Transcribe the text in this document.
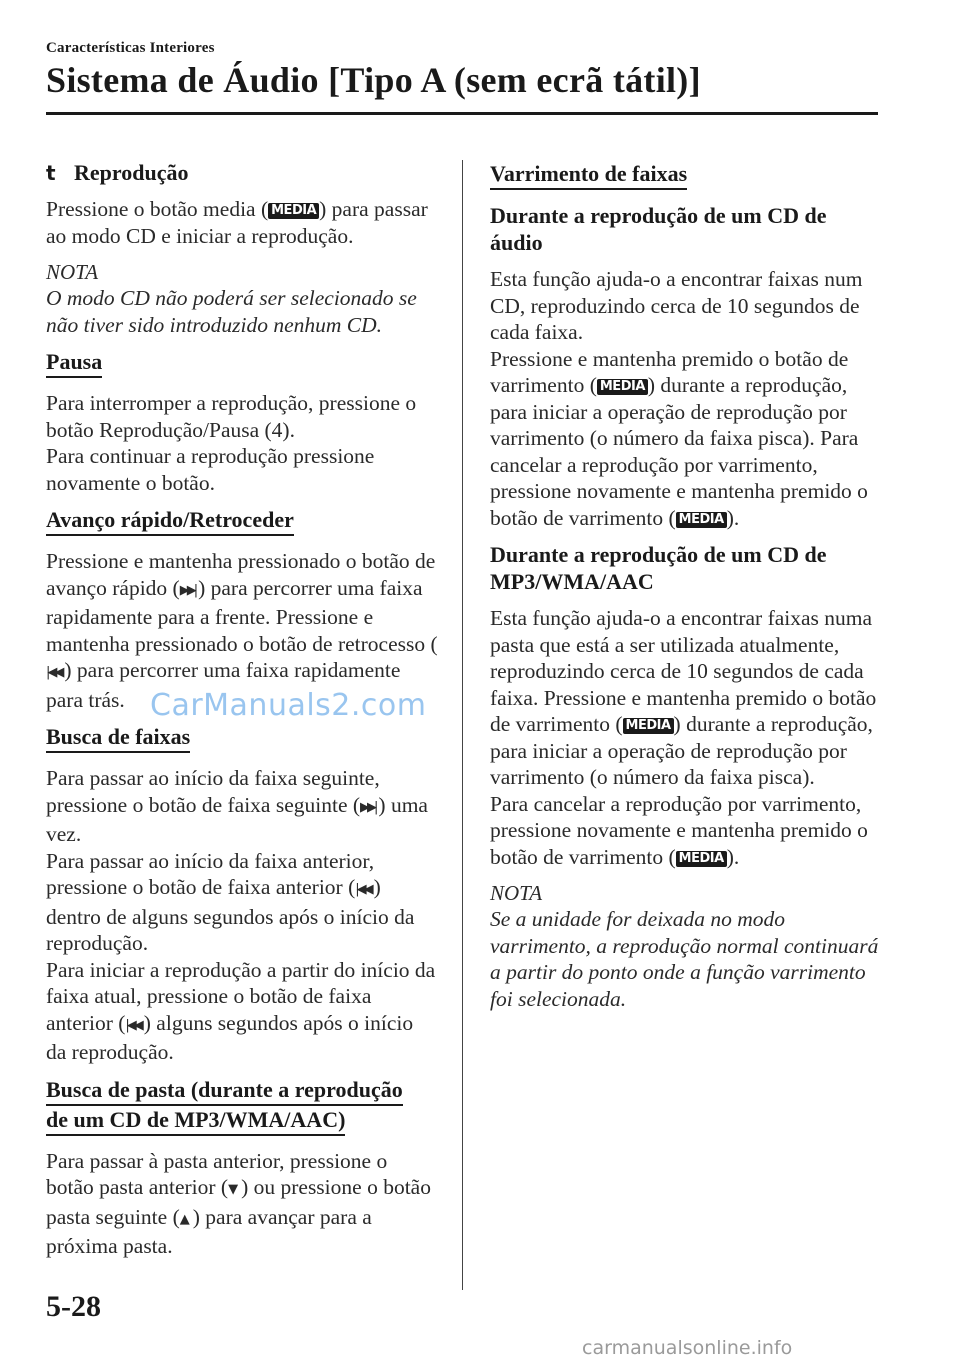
Características Interiores
Sistema de Áudio [Tipo A (sem ecrã tátil)]
t Reprodução

Pressione o botão media ( MEDIA ) para passar ao modo CD e iniciar a reprodução.

NOTA
O modo CD não poderá ser selecionado se não tiver sido introduzido nenhum CD.
Pausa

Para interromper a reprodução, pressione o botão Reprodução/Pausa (4).

Para continuar a reprodução pressione novamente o botão.

Avanço rápido/Retroceder

Pressione e mantenha pressionado o botão de avanço rápido (▶▶| ) para percorrer uma faixa rapidamente para a frente. Pressione e mantenha pressionado o botão de retrocesso (|◀◀ ) para percorrer uma faixa rapidamente para trás.

Busca de faixas

Para passar ao início da faixa seguinte, pressione o botão de faixa seguinte (▶▶| ) uma vez.

Para passar ao início da faixa anterior, pressione o botão de faixa anterior (|◀◀ ) dentro de alguns segundos após o início da reprodução.

Para iniciar a reprodução a partir do início da faixa atual, pressione o botão de faixa anterior (|◀◀ ) alguns segundos após o início da reprodução.

Busca de pasta (durante a reprodução
de um CD de MP3/WMA/AAC)

Para passar à pasta anterior, pressione o botão pasta anterior (▼ ) ou pressione o botão pasta seguinte (▲ ) para avançar para a próxima pasta.

Varrimento de faixas
Durante a reprodução de um CD de áudio

Esta função ajuda-o a encontrar faixas num CD, reproduzindo cerca de 10 segundos de cada faixa.

Pressione e mantenha premido o botão de varrimento ( MEDIA ) durante a reprodução, para iniciar a operação de reprodução por varrimento (o número da faixa pisca). Para cancelar a reprodução por varrimento, pressione novamente e mantenha premido o botão de varrimento ( MEDIA ).

Durante a reprodução de um CD de MP3/WMA/AAC

Esta função ajuda-o a encontrar faixas numa pasta que está a ser utilizada atualmente, reproduzindo cerca de 10 segundos de cada faixa. Pressione e mantenha premido o botão de varrimento ( MEDIA ) durante a reprodução, para iniciar a operação de reprodução por varrimento (o número da faixa pisca).

Para cancelar a reprodução por varrimento, pressione novamente e mantenha premido o botão de varrimento ( MEDIA ).

NOTA
Se a unidade for deixada no modo varrimento, a reprodução normal continuará a partir do ponto onde a função varrimento foi selecionada.
CarManuals2.com
5-28
carmanualsonline.info
